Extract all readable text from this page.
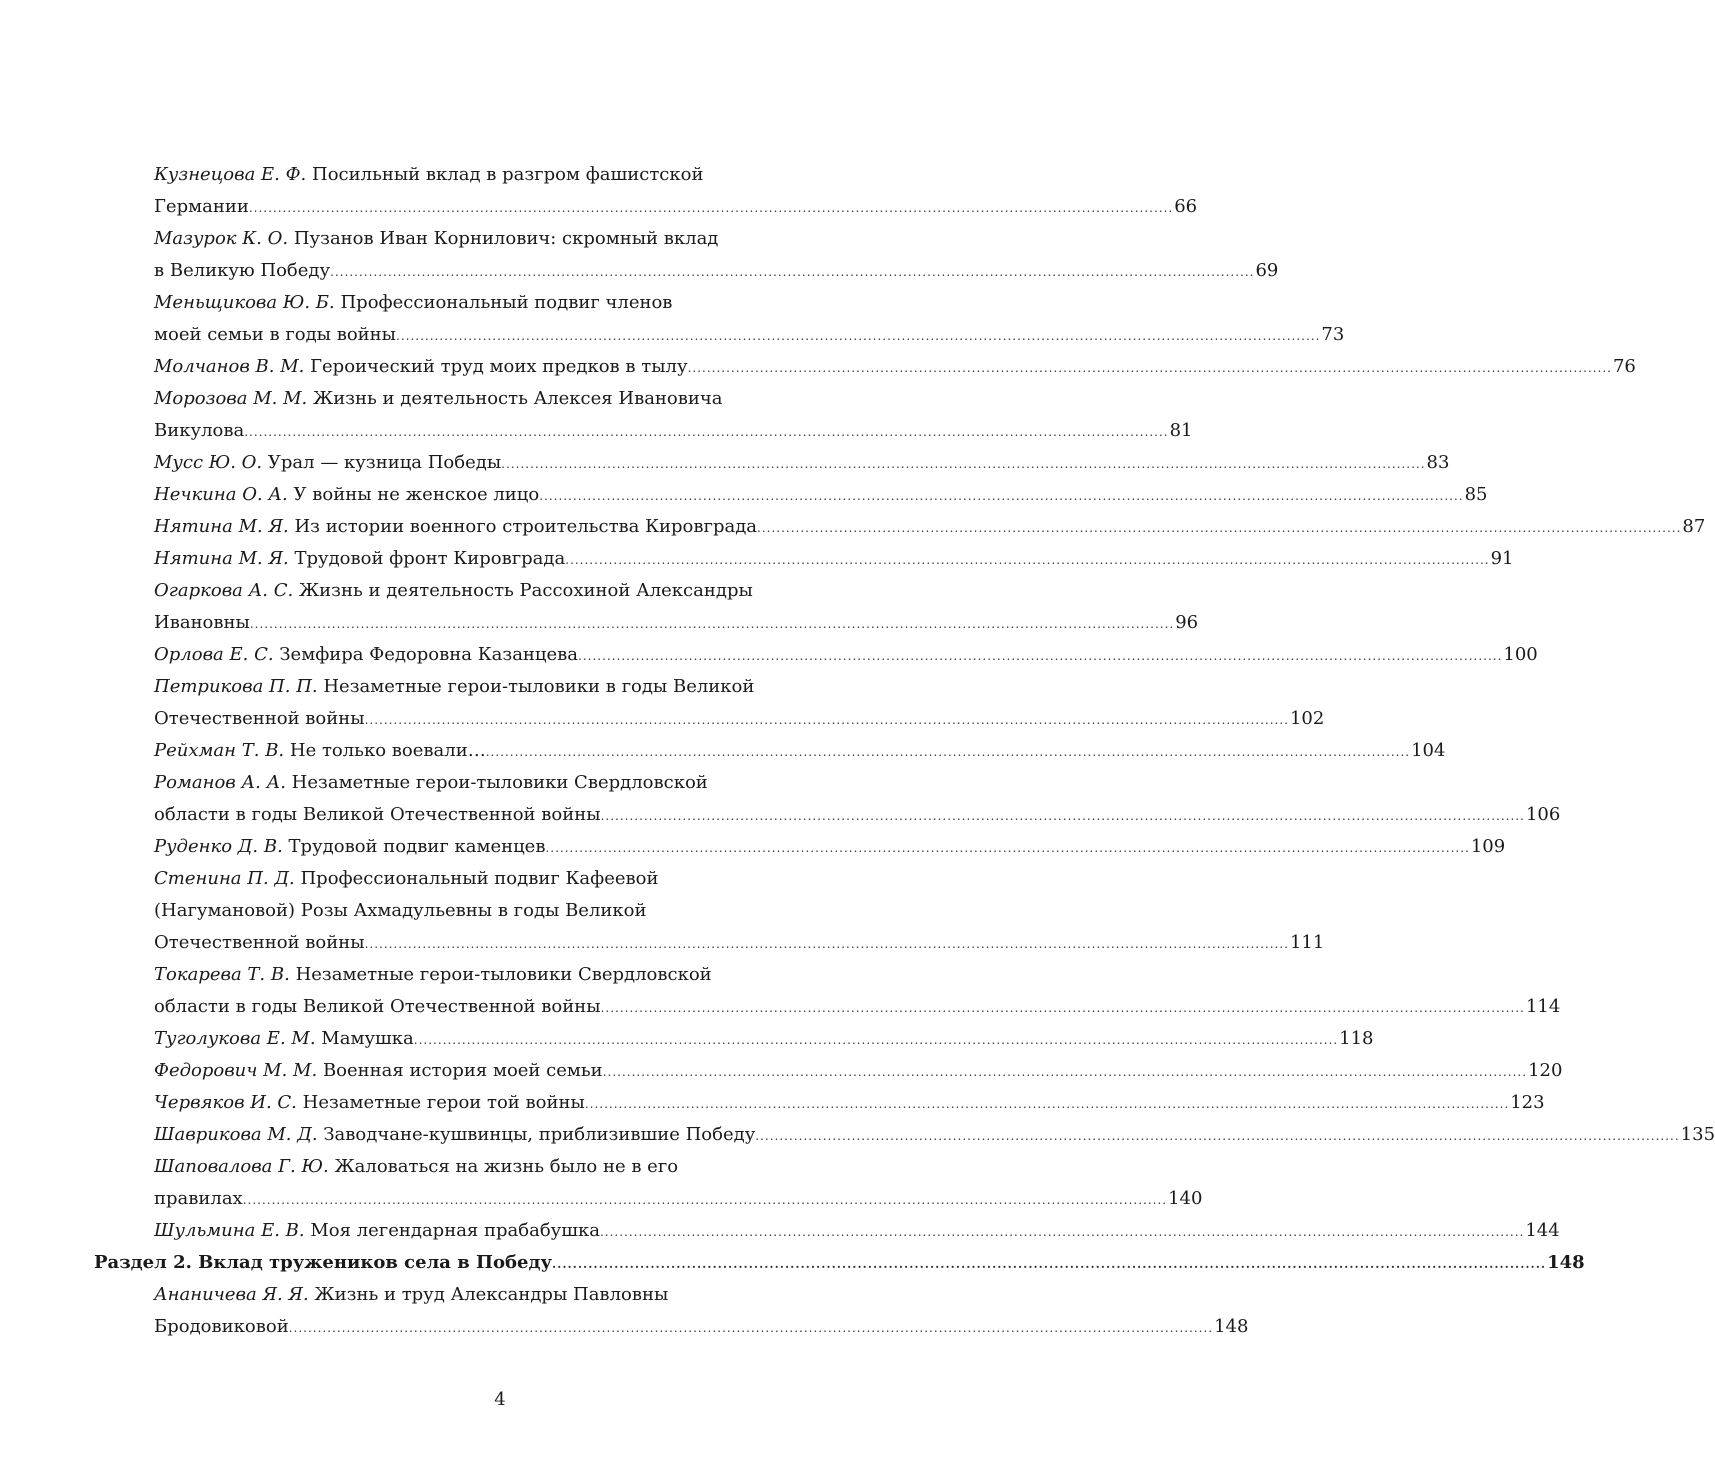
Кузнецова Е. Ф. Посильный вклад в разгром фашистской
Германии ................................................................................................................................................................................................ 66
Мазурок К. О. Пузанов Иван Корнилович: скромный вклад
в Великую Победу ................................................................................................................................................................................................ 69
Меньщикова Ю. Б. Профессиональный подвиг членов
моей семьи в годы войны ................................................................................................................................................................................................ 73
Молчанов В. М. Героический труд моих предков в тылу ................................................................................................................................................................................................ 76
Морозова М. М. Жизнь и деятельность Алексея Ивановича
Викулова ................................................................................................................................................................................................ 81
Мусс Ю. О. Урал — кузница Победы ................................................................................................................................................................................................ 83
Нечкина О. А. У войны не женское лицо ................................................................................................................................................................................................ 85
Нятина М. Я. Из истории военного строительства Кировграда ................................................................................................................................................................................................ 87
Нятина М. Я. Трудовой фронт Кировграда ................................................................................................................................................................................................ 91
Огаркова А. С. Жизнь и деятельность Рассохиной Александры
Ивановны ................................................................................................................................................................................................ 96
Орлова Е. С. Земфира Федоровна Казанцева ................................................................................................................................................................................................ 100
Петрикова П. П. Незаметные герои-тыловики в годы Великой
Отечественной войны ................................................................................................................................................................................................ 102
Рейхман Т. В. Не только воевали… ................................................................................................................................................................................................ 104
Романов А. А. Незаметные герои-тыловики Свердловской
области в годы Великой Отечественной войны ................................................................................................................................................................................................ 106
Руденко Д. В. Трудовой подвиг каменцев ................................................................................................................................................................................................ 109
Стенина П. Д. Профессиональный подвиг Кафеевой
(Нагумановой) Розы Ахмадульевны в годы Великой
Отечественной войны ................................................................................................................................................................................................ 111
Токарева Т. В. Незаметные герои-тыловики Свердловской
области в годы Великой Отечественной войны ................................................................................................................................................................................................ 114
Туголукова Е. М. Мамушка ................................................................................................................................................................................................ 118
Федорович М. М. Военная история моей семьи ................................................................................................................................................................................................ 120
Червяков И. С. Незаметные герои той войны ................................................................................................................................................................................................ 123
Шаврикова М. Д. Заводчане-кушвинцы, приблизившие Победу ................................................................................................................................................................................................ 135
Шаповалова Г. Ю. Жаловаться на жизнь было не в его
правилах ................................................................................................................................................................................................ 140
Шульмина Е. В. Моя легендарная прабабушка ................................................................................................................................................................................................ 144
Раздел 2. Вклад тружеников села в Победу ................................................................................................................................................................................................ 148
Ананичева Я. Я. Жизнь и труд Александры Павловны
Бродовиковой ................................................................................................................................................................................................ 148
4
